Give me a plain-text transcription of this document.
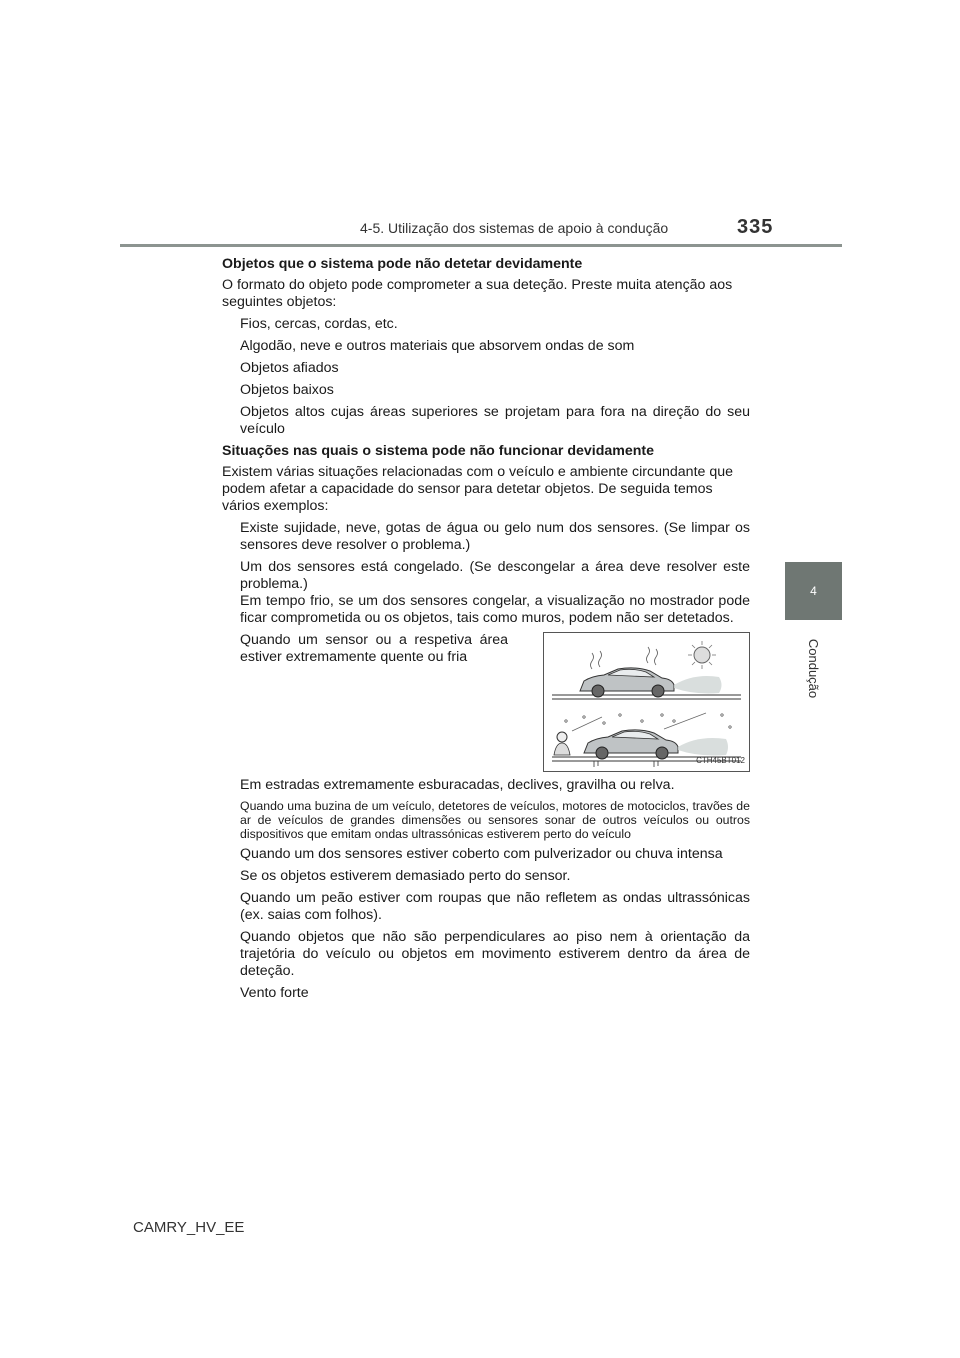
4-5. Utilização dos sistemas de apoio à condução	335
4
Condução

Objetos que o sistema pode não detetar devidamente

O formato do objeto pode comprometer a sua deteção. Preste muita atenção aos seguintes objetos:

Fios, cercas, cordas, etc.

Algodão, neve e outros materiais que absorvem ondas de som

Objetos afiados

Objetos baixos

Objetos altos cujas áreas superiores se projetam para fora na direção do seu veículo

Situações nas quais o sistema pode não funcionar devidamente

Existem várias situações relacionadas com o veículo e ambiente circundante que podem afetar a capacidade do sensor para detetar objetos. De seguida temos vários exemplos:

Existe sujidade, neve, gotas de água ou gelo num dos sensores. (Se limpar os sensores deve resolver o problema.)

Um dos sensores está congelado. (Se descongelar a área deve resolver este problema.)

Em tempo frio, se um dos sensores congelar, a visualização no mostrador pode ficar comprometida ou os objetos, tais como muros, podem não ser detetados.

Quando um sensor ou a respetiva área estiver extremamente quente ou fria
CTH45BT012

Em estradas extremamente esburacadas, declives, gravilha ou relva.

Quando uma buzina de um veículo, detetores de veículos, motores de motociclos, travões de ar de veículos de grandes dimensões ou sensores sonar de outros veículos ou outros dispositivos que emitam ondas ultrassónicas estiverem perto do veículo

Quando um dos sensores estiver coberto com pulverizador ou chuva intensa

Se os objetos estiverem demasiado perto do sensor.

Quando um peão estiver com roupas que não refletem as ondas ultrassónicas (ex. saias com folhos).

Quando objetos que não são perpendiculares ao piso nem à orientação da trajetória do veículo ou objetos em movimento estiverem dentro da área de deteção.

Vento forte

CAMRY_HV_EE
